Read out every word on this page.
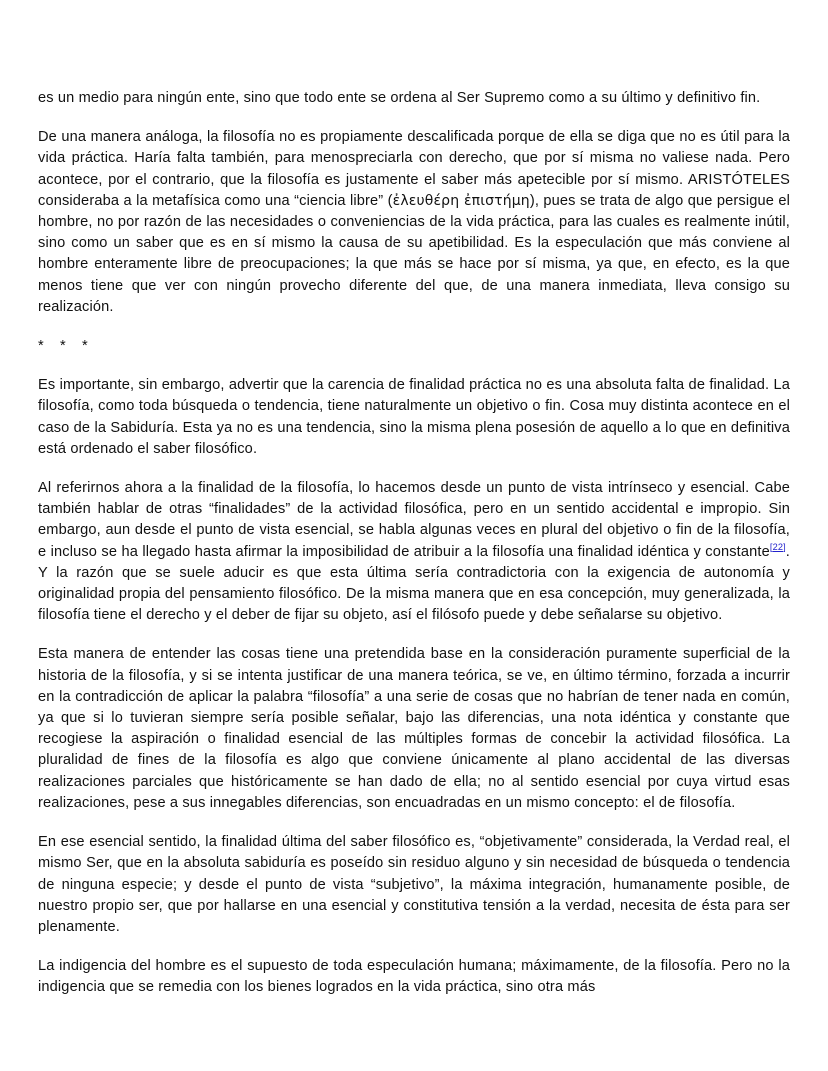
es un medio para ningún ente, sino que todo ente se ordena al Ser Supremo como a su último y definitivo fin.

De una manera análoga, la filosofía no es propiamente descalificada porque de ella se diga que no es útil para la vida práctica. Haría falta también, para menospreciarla con derecho, que por sí misma no valiese nada. Pero acontece, por el contrario, que la filosofía es justamente el saber más apetecible por sí mismo. ARISTÓTELES consideraba a la metafísica como una “ciencia libre” (ἐλευθέρη ἐπιστήμη), pues se trata de algo que persigue el hombre, no por razón de las necesidades o conveniencias de la vida práctica, para las cuales es realmente inútil, sino como un saber que es en sí mismo la causa de su apetibilidad. Es la especulación que más conviene al hombre enteramente libre de preocupaciones; la que más se hace por sí misma, ya que, en efecto, es la que menos tiene que ver con ningún provecho diferente del que, de una manera inmediata, lleva consigo su realización.

* * *

Es importante, sin embargo, advertir que la carencia de finalidad práctica no es una absoluta falta de finalidad. La filosofía, como toda búsqueda o tendencia, tiene naturalmente un objetivo o fin. Cosa muy distinta acontece en el caso de la Sabiduría. Esta ya no es una tendencia, sino la misma plena posesión de aquello a lo que en definitiva está ordenado el saber filosófico.

Al referirnos ahora a la finalidad de la filosofía, lo hacemos desde un punto de vista intrínseco y esencial. Cabe también hablar de otras “finalidades” de la actividad filosófica, pero en un sentido accidental e impropio. Sin embargo, aun desde el punto de vista esencial, se habla algunas veces en plural del objetivo o fin de la filosofía, e incluso se ha llegado hasta afirmar la imposibilidad de atribuir a la filosofía una finalidad idéntica y constante[22]. Y la razón que se suele aducir es que esta última sería contradictoria con la exigencia de autonomía y originalidad propia del pensamiento filosófico. De la misma manera que en esa concepción, muy generalizada, la filosofía tiene el derecho y el deber de fijar su objeto, así el filósofo puede y debe señalarse su objetivo.

Esta manera de entender las cosas tiene una pretendida base en la consideración puramente superficial de la historia de la filosofía, y si se intenta justificar de una manera teórica, se ve, en último término, forzada a incurrir en la contradicción de aplicar la palabra “filosofía” a una serie de cosas que no habrían de tener nada en común, ya que si lo tuvieran siempre sería posible señalar, bajo las diferencias, una nota idéntica y constante que recogiese la aspiración o finalidad esencial de las múltiples formas de concebir la actividad filosófica. La pluralidad de fines de la filosofía es algo que conviene únicamente al plano accidental de las diversas realizaciones parciales que históricamente se han dado de ella; no al sentido esencial por cuya virtud esas realizaciones, pese a sus innegables diferencias, son encuadradas en un mismo concepto: el de filosofía.

En ese esencial sentido, la finalidad última del saber filosófico es, “objetivamente” considerada, la Verdad real, el mismo Ser, que en la absoluta sabiduría es poseído sin residuo alguno y sin necesidad de búsqueda o tendencia de ninguna especie; y desde el punto de vista “subjetivo”, la máxima integración, humanamente posible, de nuestro propio ser, que por hallarse en una esencial y constitutiva tensión a la verdad, necesita de ésta para ser plenamente.

La indigencia del hombre es el supuesto de toda especulación humana; máximamente, de la filosofía. Pero no la indigencia que se remedia con los bienes logrados en la vida práctica, sino otra más
